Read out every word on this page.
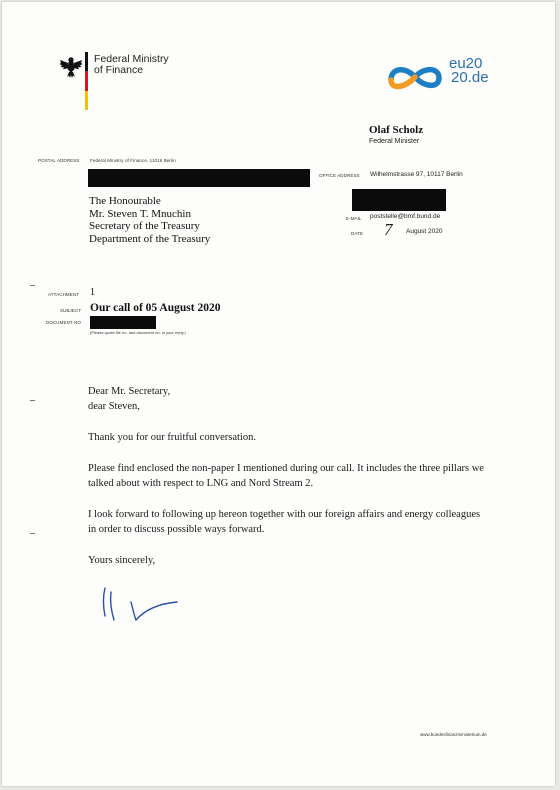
Federal Ministry
of Finance	eu20
20.de
Olaf Scholz
Federal Minister
POSTAL ADDRESS Federal Ministry of Finance, 11016 Berlin
OFFICE ADDRESS Wilhelmstrasse 97, 10117 Berlin
The Honourable
Mr. Steven T. Mnuchin
Secretary of the Treasury
Department of the Treasury
E-MAIL poststelle@bmf.bund.de
DATE 7 August 2020
ATTACHMENT 1
SUBJECT Our call of 05 August 2020
DOCUMENT NO
(Please quote file no. and document no. in your reply.)
Dear Mr. Secretary,
dear Steven,
Thank you for our fruitful conversation.
Please find enclosed the non-paper I mentioned during our call. It includes the three pillars we
talked about with respect to LNG and Nord Stream 2.
I look forward to following up hereon together with our foreign affairs and energy colleagues
in order to discuss possible ways forward.
Yours sincerely,
www.bundesfinanzministerium.de
